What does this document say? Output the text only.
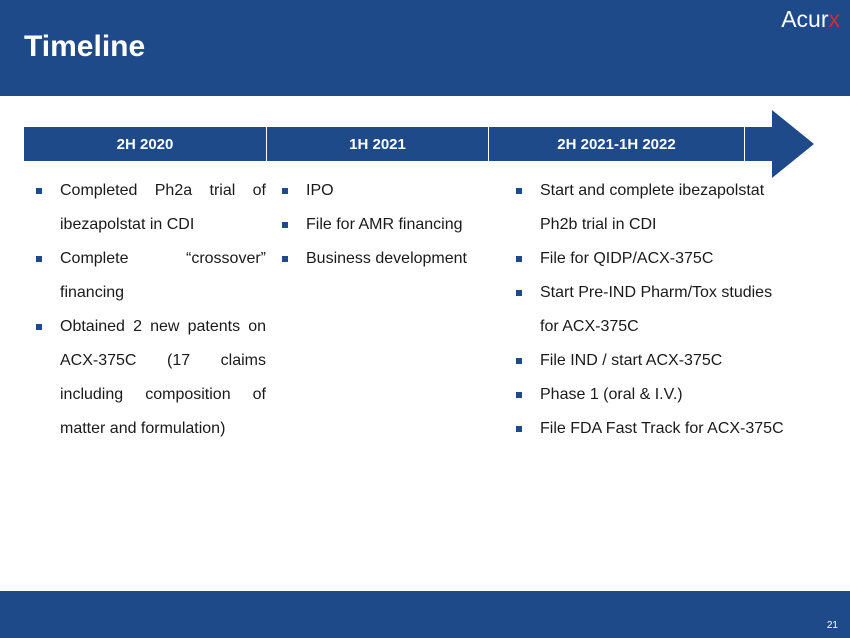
Timeline
Acurx
2H 2020	1H 2021	2H 2021-1H 2022
Completed Ph2a trial of ibezapolstat in CDI
Complete “crossover” financing
Obtained 2 new patents on ACX-375C (17 claims including composition of matter and formulation)
IPO
File for AMR financing
Business development
Start and complete ibezapolstat Ph2b trial in CDI
File for QIDP/ACX-375C
Start Pre-IND Pharm/Tox studies for ACX-375C
File IND / start ACX-375C
Phase 1 (oral & I.V.)
File FDA Fast Track for ACX-375C
21
